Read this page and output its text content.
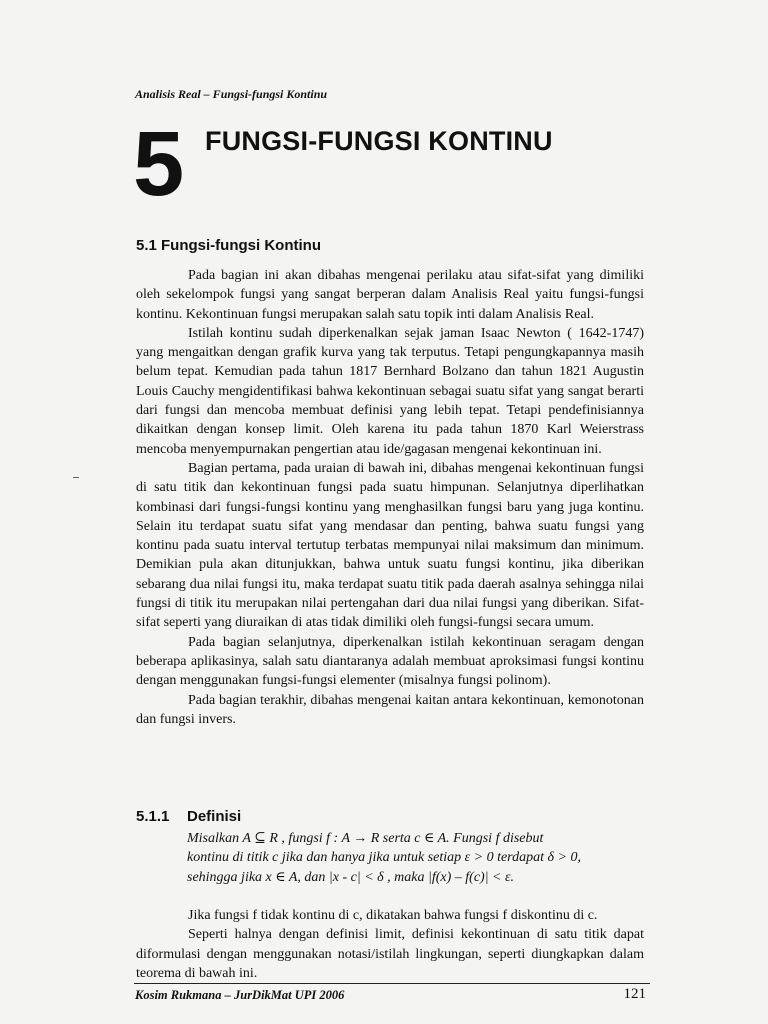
Analisis Real – Fungsi-fungsi Kontinu
5 FUNGSI-FUNGSI KONTINU
5.1 Fungsi-fungsi Kontinu

Pada bagian ini akan dibahas mengenai perilaku atau sifat-sifat yang dimiliki oleh sekelompok fungsi yang sangat berperan dalam Analisis Real yaitu fungsi-fungsi kontinu. Kekontinuan fungsi merupakan salah satu topik inti dalam Analisis Real.

Istilah kontinu sudah diperkenalkan sejak jaman Isaac Newton ( 1642-1747) yang mengaitkan dengan grafik kurva yang tak terputus. Tetapi pengungkapannya masih belum tepat. Kemudian pada tahun 1817 Bernhard Bolzano dan tahun 1821 Augustin Louis Cauchy mengidentifikasi bahwa kekontinuan sebagai suatu sifat yang sangat berarti dari fungsi dan mencoba membuat definisi yang lebih tepat. Tetapi pendefinisiannya dikaitkan dengan konsep limit. Oleh karena itu pada tahun 1870 Karl Weierstrass mencoba menyempurnakan pengertian atau ide/gagasan mengenai kekontinuan ini.

Bagian pertama, pada uraian di bawah ini, dibahas mengenai kekontinuan fungsi di satu titik dan kekontinuan fungsi pada suatu himpunan. Selanjutnya diperlihatkan kombinasi dari fungsi-fungsi kontinu yang menghasilkan fungsi baru yang juga kontinu. Selain itu terdapat suatu sifat yang mendasar dan penting, bahwa suatu fungsi yang kontinu pada suatu interval tertutup terbatas mempunyai nilai maksimum dan minimum. Demikian pula akan ditunjukkan, bahwa untuk suatu fungsi kontinu, jika diberikan sebarang dua nilai fungsi itu, maka terdapat suatu titik pada daerah asalnya sehingga nilai fungsi di titik itu merupakan nilai pertengahan dari dua nilai fungsi yang diberikan. Sifat-sifat seperti yang diuraikan di atas tidak dimiliki oleh fungsi-fungsi secara umum.

Pada bagian selanjutnya, diperkenalkan istilah kekontinuan seragam dengan beberapa aplikasinya, salah satu diantaranya adalah membuat aproksimasi fungsi kontinu dengan menggunakan fungsi-fungsi elementer (misalnya fungsi polinom).

Pada bagian terakhir, dibahas mengenai kaitan antara kekontinuan, kemonotonan dan fungsi invers.

5.1.1 Definisi
Misalkan A ⊆ R , fungsi f : A → R serta c ∈ A. Fungsi f disebut
kontinu di titik c jika dan hanya jika untuk setiap ε > 0 terdapat δ > 0,
sehingga jika x ∈ A, dan |x - c| < δ , maka |f(x) – f(c)| < ε.

Jika fungsi f tidak kontinu di c, dikatakan bahwa fungsi f diskontinu di c.

Seperti halnya dengan definisi limit, definisi kekontinuan di satu titik dapat diformulasi dengan menggunakan notasi/istilah lingkungan, seperti diungkapkan dalam teorema di bawah ini.

Kosim Rukmana – JurDikMat UPI 2006	121
